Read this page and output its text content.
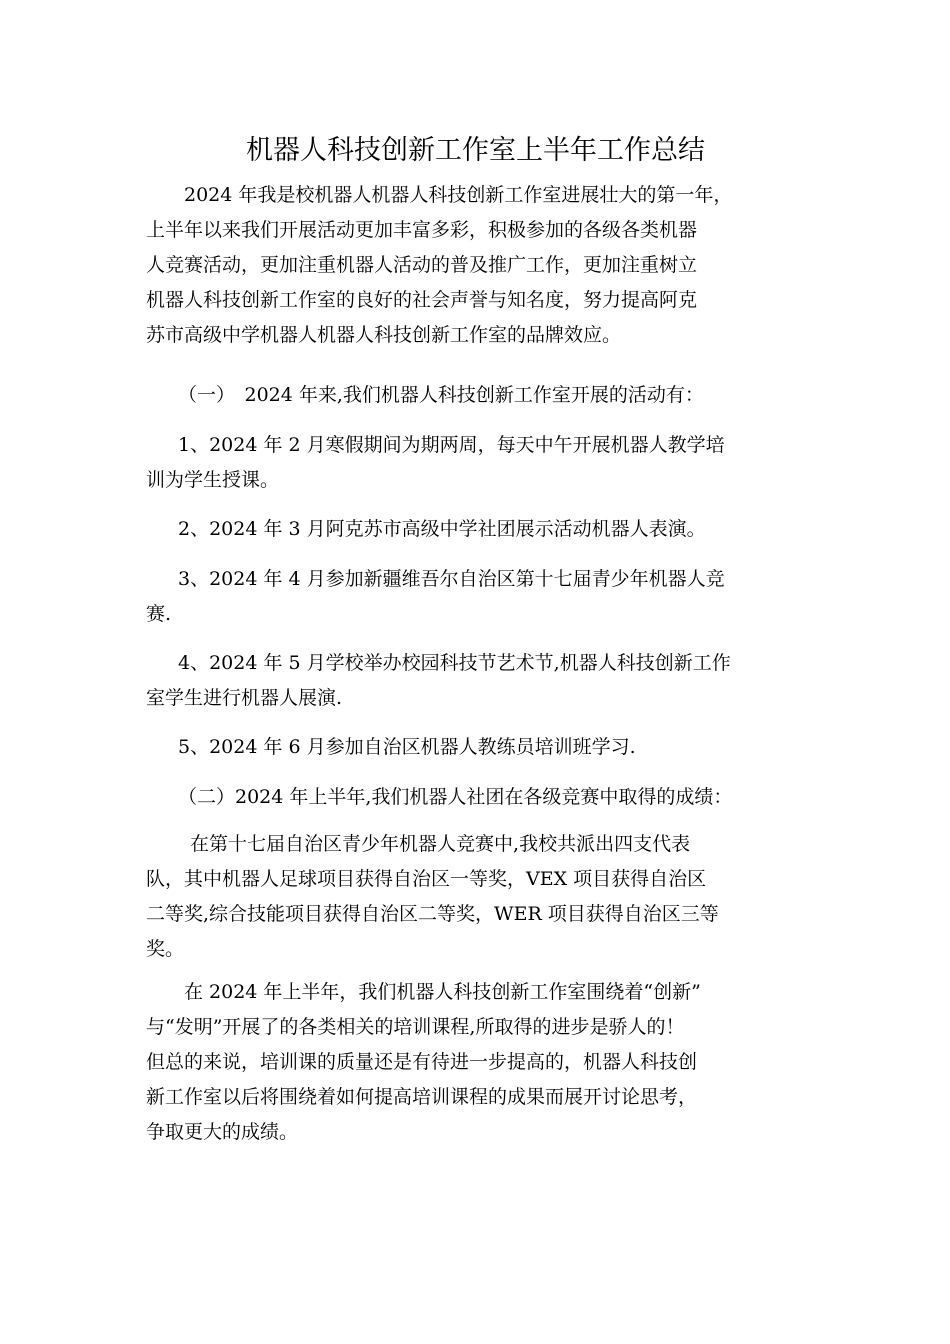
机器人科技创新工作室上半年工作总结
　　2024 年我是校机器人机器人科技创新工作室进展壮大的第一年，
上半年以来我们开展活动更加丰富多彩，积极参加的各级各类机器
人竞赛活动，更加注重机器人活动的普及推广工作，更加注重树立
机器人科技创新工作室的良好的社会声誉与知名度，努力提高阿克
苏市高级中学机器人机器人科技创新工作室的品牌效应。
（一）　2024 年来,我们机器人科技创新工作室开展的活动有：
1、2024 年 2 月寒假期间为期两周，每天中午开展机器人教学培
训为学生授课。
2、2024 年 3 月阿克苏市高级中学社团展示活动机器人表演。
3、2024 年 4 月参加新疆维吾尔自治区第十七届青少年机器人竞
赛.
4、2024 年 5 月学校举办校园科技节艺术节,机器人科技创新工作
室学生进行机器人展演.
5、2024 年 6 月参加自治区机器人教练员培训班学习.
（二）2024 年上半年,我们机器人社团在各级竞赛中取得的成绩：
　　 在第十七届自治区青少年机器人竞赛中,我校共派出四支代表
队，其中机器人足球项目获得自治区一等奖，VEX 项目获得自治区
二等奖,综合技能项目获得自治区二等奖，WER 项目获得自治区三等
奖。
　　在 2024 年上半年，我们机器人科技创新工作室围绕着“创新”
与“发明”开展了的各类相关的培训课程,所取得的进步是骄人的！
但总的来说，培训课的质量还是有待进一步提高的，机器人科技创
新工作室以后将围绕着如何提高培训课程的成果而展开讨论思考，
争取更大的成绩。
